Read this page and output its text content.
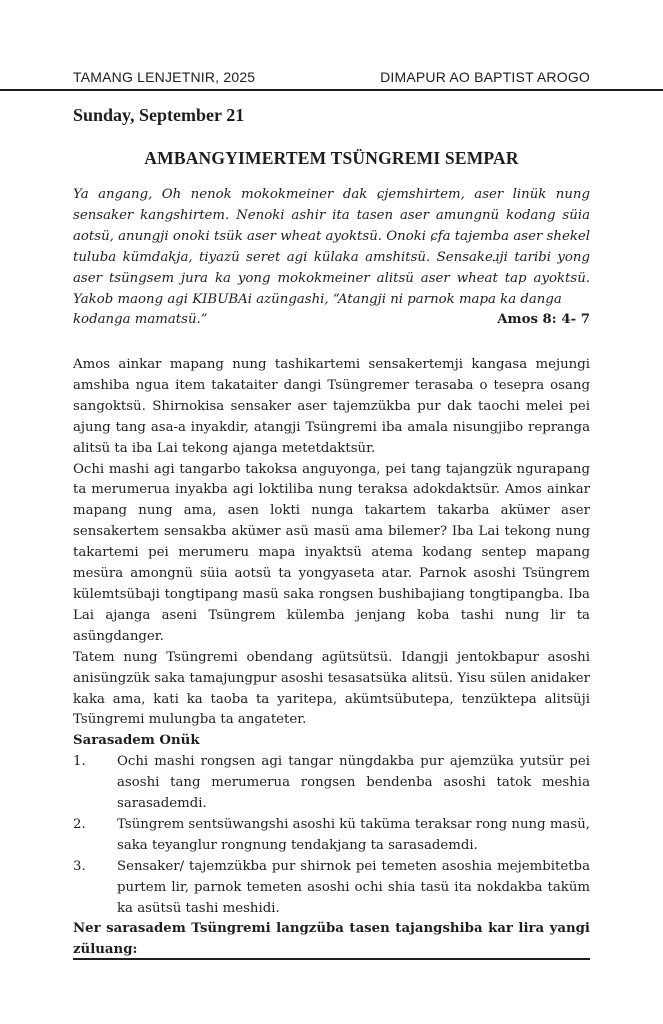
TAMANG LENJETNIR, 2025	DIMAPUR AO BAPTIST AROGO
Sunday, September 21
AMBANGYIMERTEM TSÜNGREMI SEMPAR

Ya angang, Oh nenok mokokmeiner dak ɕjemshirtem, aser linük nung sensaker kangshirtem. Nenoki ashir ita tasen aser amungnü kodang süia aotsü, anungji onoki tsük aser wheat ayoktsü. Onoki ɕfa tajemba aser shekel tuluba kümdakja, tiyazü seret agi külaka amshitsü. Sensakeɹji taribi yong aser tsüngsem jura ka yong mokokmeiner alitsü aser wheat tap ayoktsü. Yakob maong agi KIBUBAi azüngashi, “Atangji ni parnok mapa ka danga

kodanga mamatsü.”	Amos 8: 4- 7

Amos ainkar mapang nung tashikartemi sensakertemji kangasa mejungi amshiba ngua item takataiter dangi Tsüngremer terasaba o tesepra osang sangoktsü. Shirnokisa sensaker aser tajemzükba pur dak taochi melei pei ajung tang asa-a inyakdir, atangji Tsüngremi iba amala nisungjibo repranga alitsü ta iba Lai tekong ajanga metetdaktsür.

Ochi mashi agi tangarbo takoksa anguyonga, pei tang tajangzük ngurapang ta merumerua inyakba agi loktiliba nung teraksa adokdaktsür. Amos ainkar mapang nung ama, asen lokti nunga takartem takarba aküмer aser sensakertem sensakba aküмer asü masü ama bilemer? Iba Lai tekong nung takartemi pei merumeru mapa inyaktsü atema kodang sentep mapang mesüra amongnü süia aotsü ta yongyaseta atar. Parnok asoshi Tsüngrem külemtsübaji tongtipang masü saka rongsen bushibajiang tongtipangba. Iba Lai ajanga aseni Tsüngrem külemba jenjang koba tashi nung lir ta asüngdanger.

Tatem nung Tsüngremi obendang agütsütsü. Idangji jentokbapur asoshi anisüngzük saka tamajungpur asoshi tesasatsüka alitsü. Yisu sülen anidaker kaka ama, kati ka taoba ta yaritepa, akümtsübutepa, tenzüktepa alitsüji Tsüngremi mulungba ta angateter.

Sarasadem Onük

1.	Ochi mashi rongsen agi tangar nüngdakba pur ajemzüka yutsür pei asoshi tang merumerua rongsen bendenba asoshi tatok meshia sarasademdi.
2.	Tsüngrem sentsüwangshi asoshi kü taküma teraksar rong nung masü, saka teyanglur rongnung tendakjang ta sarasademdi.
3.	Sensaker/ tajemzükba pur shirnok pei temeten asoshia mejembitetba purtem lir, parnok temeten asoshi ochi shia tasü ita nokdakba taküm ka asütsü tashi meshidi.

Ner sarasadem Tsüngremi langzüba tasen tajangshiba kar lira yangi züluang:
